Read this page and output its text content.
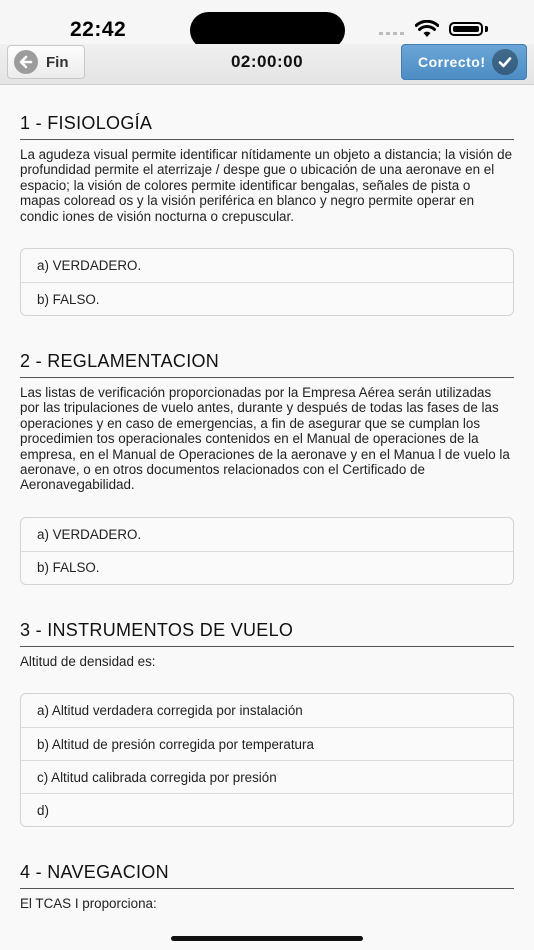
22:42
Fin	02:00:00	Correcto!
1 - FISIOLOGÍA
La agudeza visual permite identificar nítidamente un objeto a distancia; la visión de profundidad permite el aterrizaje / despe gue o ubicación de una aeronave en el espacio; la visión de colores permite identificar bengalas, señales de pista o mapas coloread os y la visión periférica en blanco y negro permite operar en condic iones de visión nocturna o crepuscular.
a) VERDADERO.
b) FALSO.
2 - REGLAMENTACION
Las listas de verificación proporcionadas por la Empresa Aérea serán utilizadas por las tripulaciones de vuelo antes, durante y después de todas las fases de las operaciones y en caso de emergencias, a fin de asegurar que se cumplan los procedimien tos operacionales contenidos en el Manual de operaciones de la empresa, en el Manual de Operaciones de la aeronave y en el Manua l de vuelo la aeronave, o en otros documentos relacionados con el Certificado de Aeronavegabilidad.
a) VERDADERO.
b) FALSO.
3 - INSTRUMENTOS DE VUELO
Altitud de densidad es:
a) Altitud verdadera corregida por instalación
b) Altitud de presión corregida por temperatura
c) Altitud calibrada corregida por presión
d)
4 - NAVEGACION
El TCAS I proporciona:
